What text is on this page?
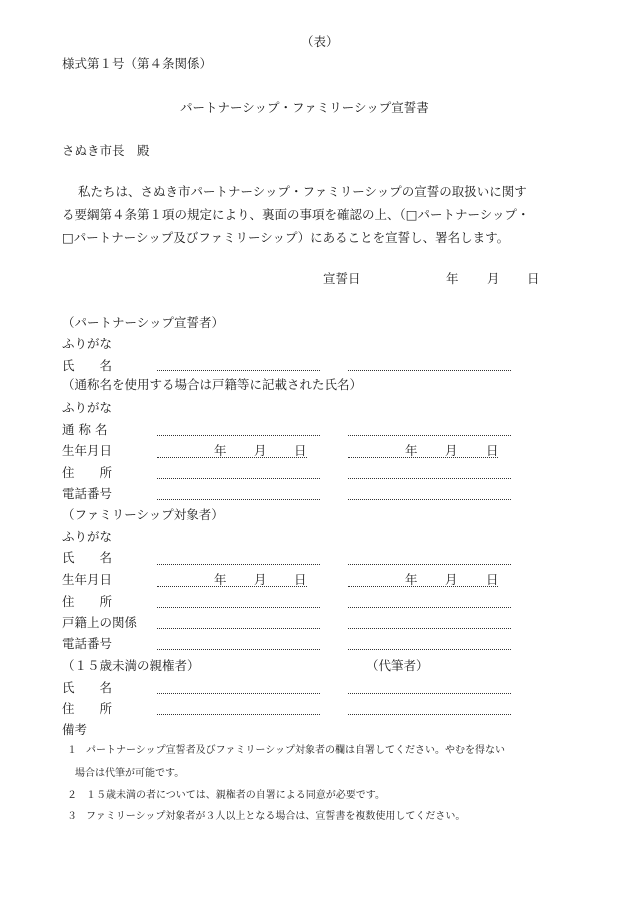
（表）
様式第１号（第４条関係）
パートナーシップ・ファミリーシップ宣誓書
さぬき市長　殿
私たちは、さぬき市パートナーシップ・ファミリーシップの宣誓の取扱いに関す
る要綱第４条第１項の規定により、裏面の事項を確認の上、（□パートナーシップ・
□パートナーシップ及びファミリーシップ）にあることを宣誓し、署名します。
宣誓日	年 月 日
（パートナーシップ宣誓者）
ふりがな
氏　　名
（通称名を使用する場合は戸籍等に記載された氏名）
ふりがな
通 称 名
生年月日	年 月 日	年 月 日
住　　所
電話番号
（ファミリーシップ対象者）
ふりがな
氏　　名
生年月日	年 月 日	年 月 日
住　　所
戸籍上の関係
電話番号
（１５歳未満の親権者）	（代筆者）
氏　　名
住　　所
備考
１ パートナーシップ宣誓者及びファミリーシップ対象者の欄は自署してください。やむを得ない
場合は代筆が可能です。
２ １５歳未満の者については、親権者の自署による同意が必要です。
３ ファミリーシップ対象者が３人以上となる場合は、宣誓書を複数使用してください。
